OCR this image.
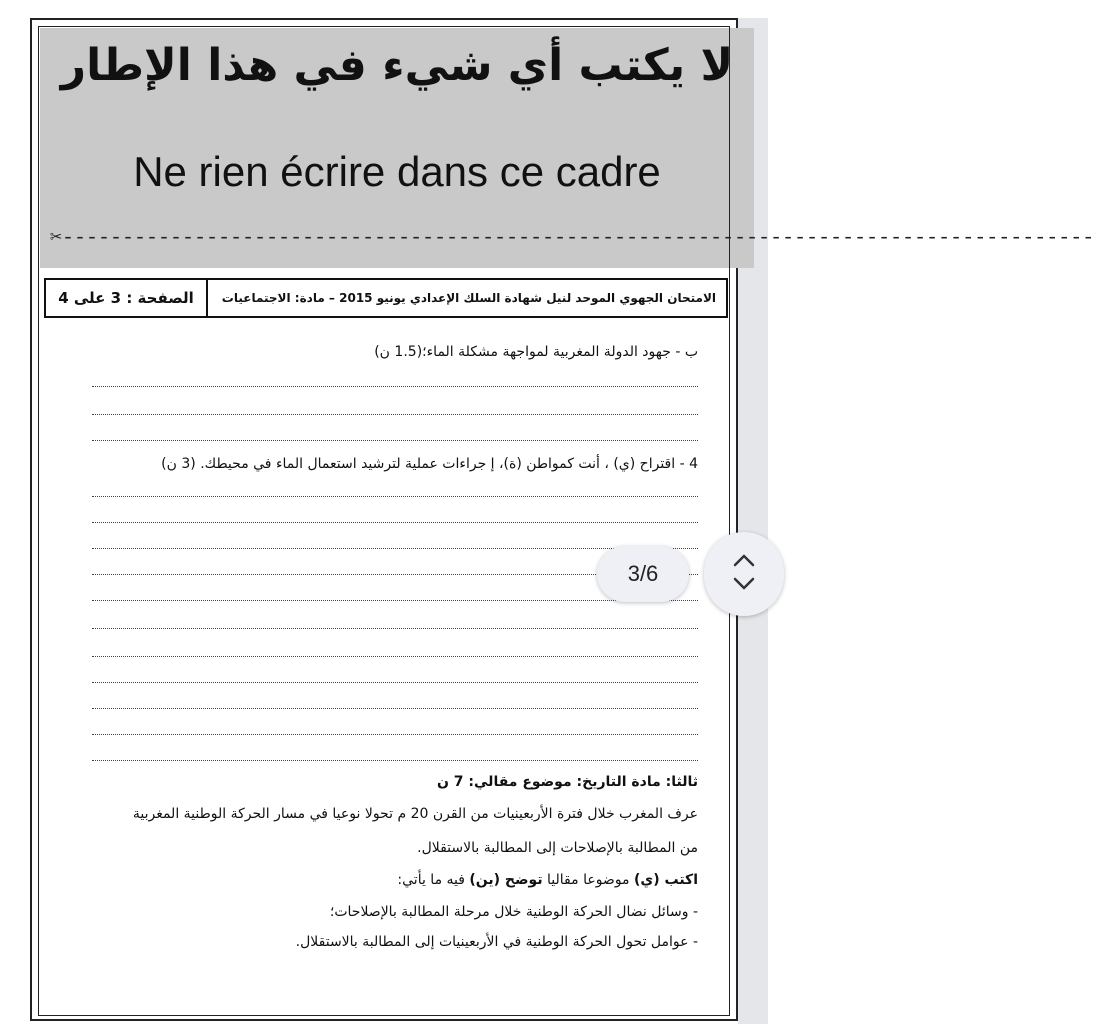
لا يكتب أي شيء في هذا الإطار
Ne rien écrire dans ce cadre
✂--------------------------------------------------------------------------------------
الامتحان الجهوي الموحد لنيل شهادة السلك الإعدادي يونيو 2015 – مادة: الاجتماعيات
الصفحة : 3 على 4
ب - جهود الدولة المغربية لمواجهة مشكلة الماء؛(1.5 ن)
4 - اقتراح (ي) ، أنت كمواطن (ة)، إ جراءات عملية لترشيد استعمال الماء في محيطك. (3 ن)
ثالثا: مادة التاريخ: موضوع مقالي: 7 ن
عرف المغرب خلال فترة الأربعينيات من القرن 20 م تحولا نوعيا في مسار الحركة الوطنية المغربية
من المطالبة بالإصلاحات إلى المطالبة بالاستقلال.
اكتب (ي) موضوعا مقاليا توضح (ين) فيه ما يأتي:
- وسائل نضال الحركة الوطنية خلال مرحلة المطالبة بالإصلاحات؛
- عوامل تحول الحركة الوطنية في الأربعينيات إلى المطالبة بالاستقلال.
3/6
